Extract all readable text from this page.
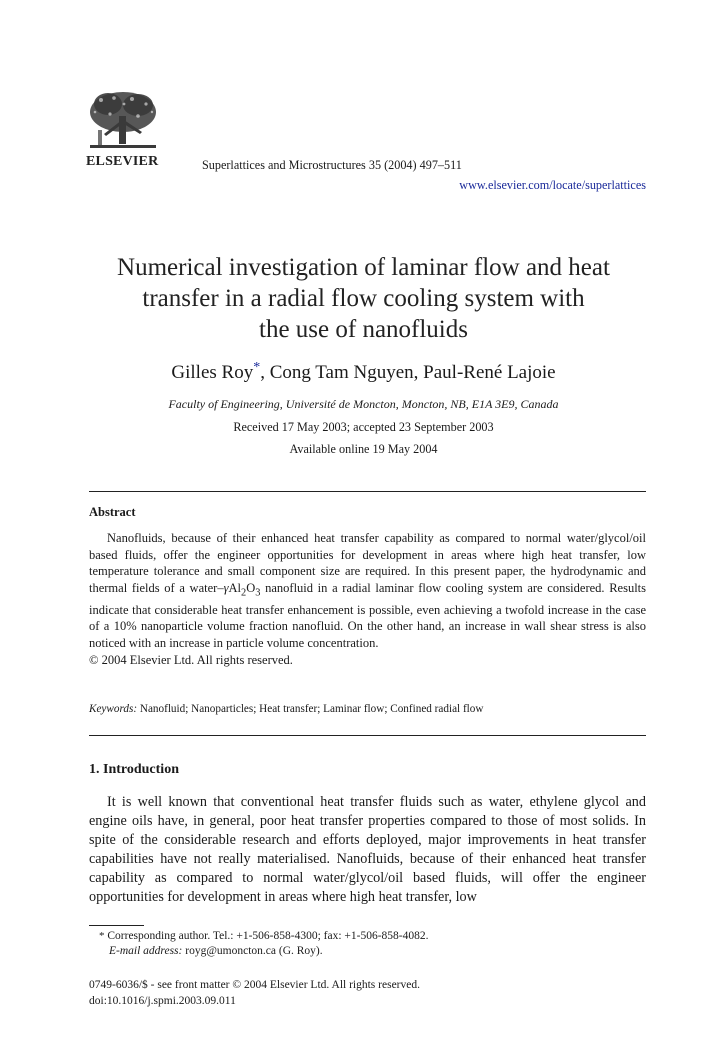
ELSEVIER	Superlattices and Microstructures 35 (2004) 497–511
www.elsevier.com/locate/superlattices
Numerical investigation of laminar flow and heat
transfer in a radial flow cooling system with
the use of nanofluids
Gilles Roy*, Cong Tam Nguyen, Paul-René Lajoie
Faculty of Engineering, Université de Moncton, Moncton, NB, E1A 3E9, Canada
Received 17 May 2003; accepted 23 September 2003
Available online 19 May 2004
Abstract

Nanofluids, because of their enhanced heat transfer capability as compared to normal water/glycol/oil based fluids, offer the engineer opportunities for development in areas where high heat transfer, low temperature tolerance and small component size are required. In this present paper, the hydrodynamic and thermal fields of a water–$\gamma Al_2O_3$ nanofluid in a radial laminar flow cooling system are considered. Results indicate that considerable heat transfer enhancement is possible, even achieving a twofold increase in the case of a 10% nanoparticle volume fraction nanofluid. On the other hand, an increase in wall shear stress is also noticed with an increase in particle volume concentration.

© 2004 Elsevier Ltd. All rights reserved.

Keywords: Nanofluid; Nanoparticles; Heat transfer; Laminar flow; Confined radial flow
1. Introduction

It is well known that conventional heat transfer fluids such as water, ethylene glycol and engine oils have, in general, poor heat transfer properties compared to those of most solids. In spite of the considerable research and efforts deployed, major improvements in heat transfer capabilities have not really materialised. Nanofluids, because of their enhanced heat transfer capability as compared to normal water/glycol/oil based fluids, will offer the engineer opportunities for development in areas where high heat transfer, low

* Corresponding author. Tel.: +1-506-858-4300; fax: +1-506-858-4082.
E-mail address: royg@umoncton.ca (G. Roy).
0749-6036/$ - see front matter © 2004 Elsevier Ltd. All rights reserved.
doi:10.1016/j.spmi.2003.09.011
